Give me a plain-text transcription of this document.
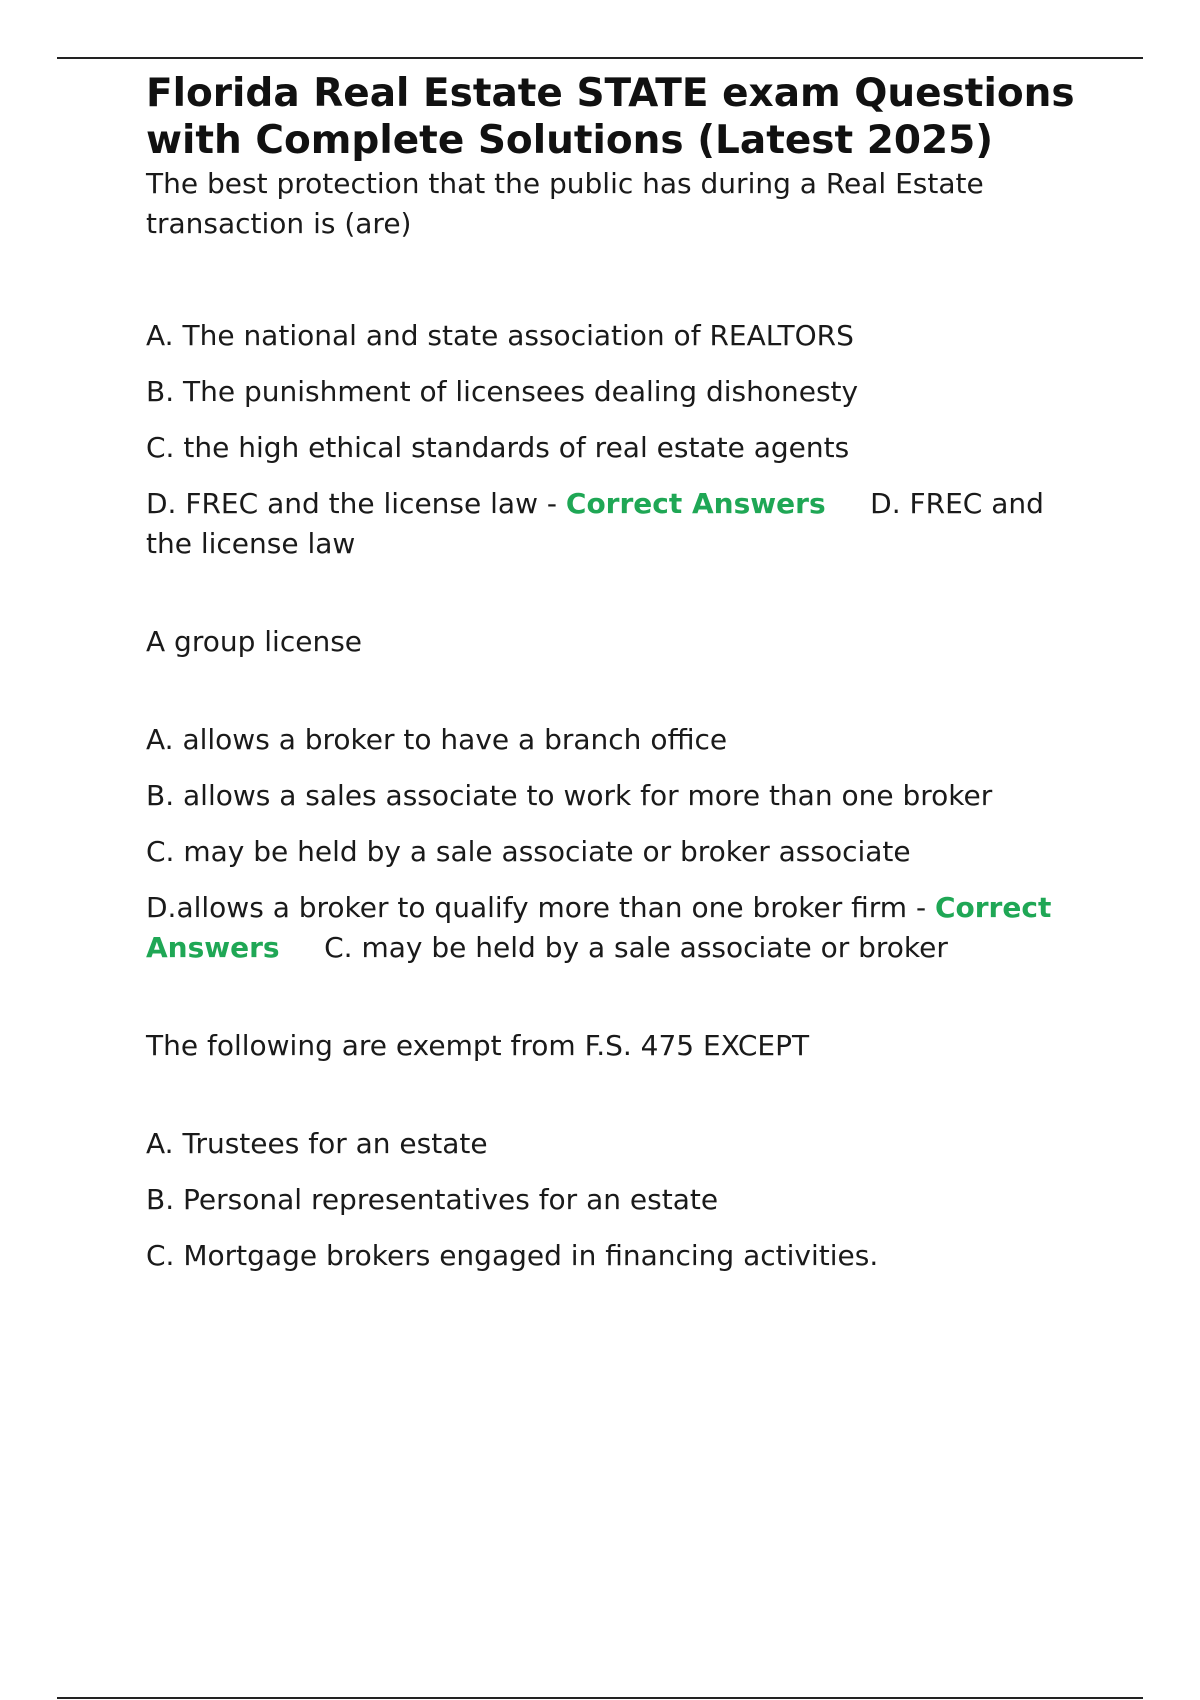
Florida Real Estate STATE exam Questions with Complete Solutions (Latest 2025)

The best protection that the public has during a Real Estate transaction is (are)

A. The national and state association of REALTORS
B. The punishment of licensees dealing dishonesty
C. the high ethical standards of real estate agents
D. FREC and the license law - Correct Answers D. FREC and the license law

A group license

A. allows a broker to have a branch office
B. allows a sales associate to work for more than one broker
C. may be held by a sale associate or broker associate
D.allows a broker to qualify more than one broker firm - Correct Answers C. may be held by a sale associate or broker

The following are exempt from F.S. 475 EXCEPT

A. Trustees for an estate
B. Personal representatives for an estate
C. Mortgage brokers engaged in financing activities.
